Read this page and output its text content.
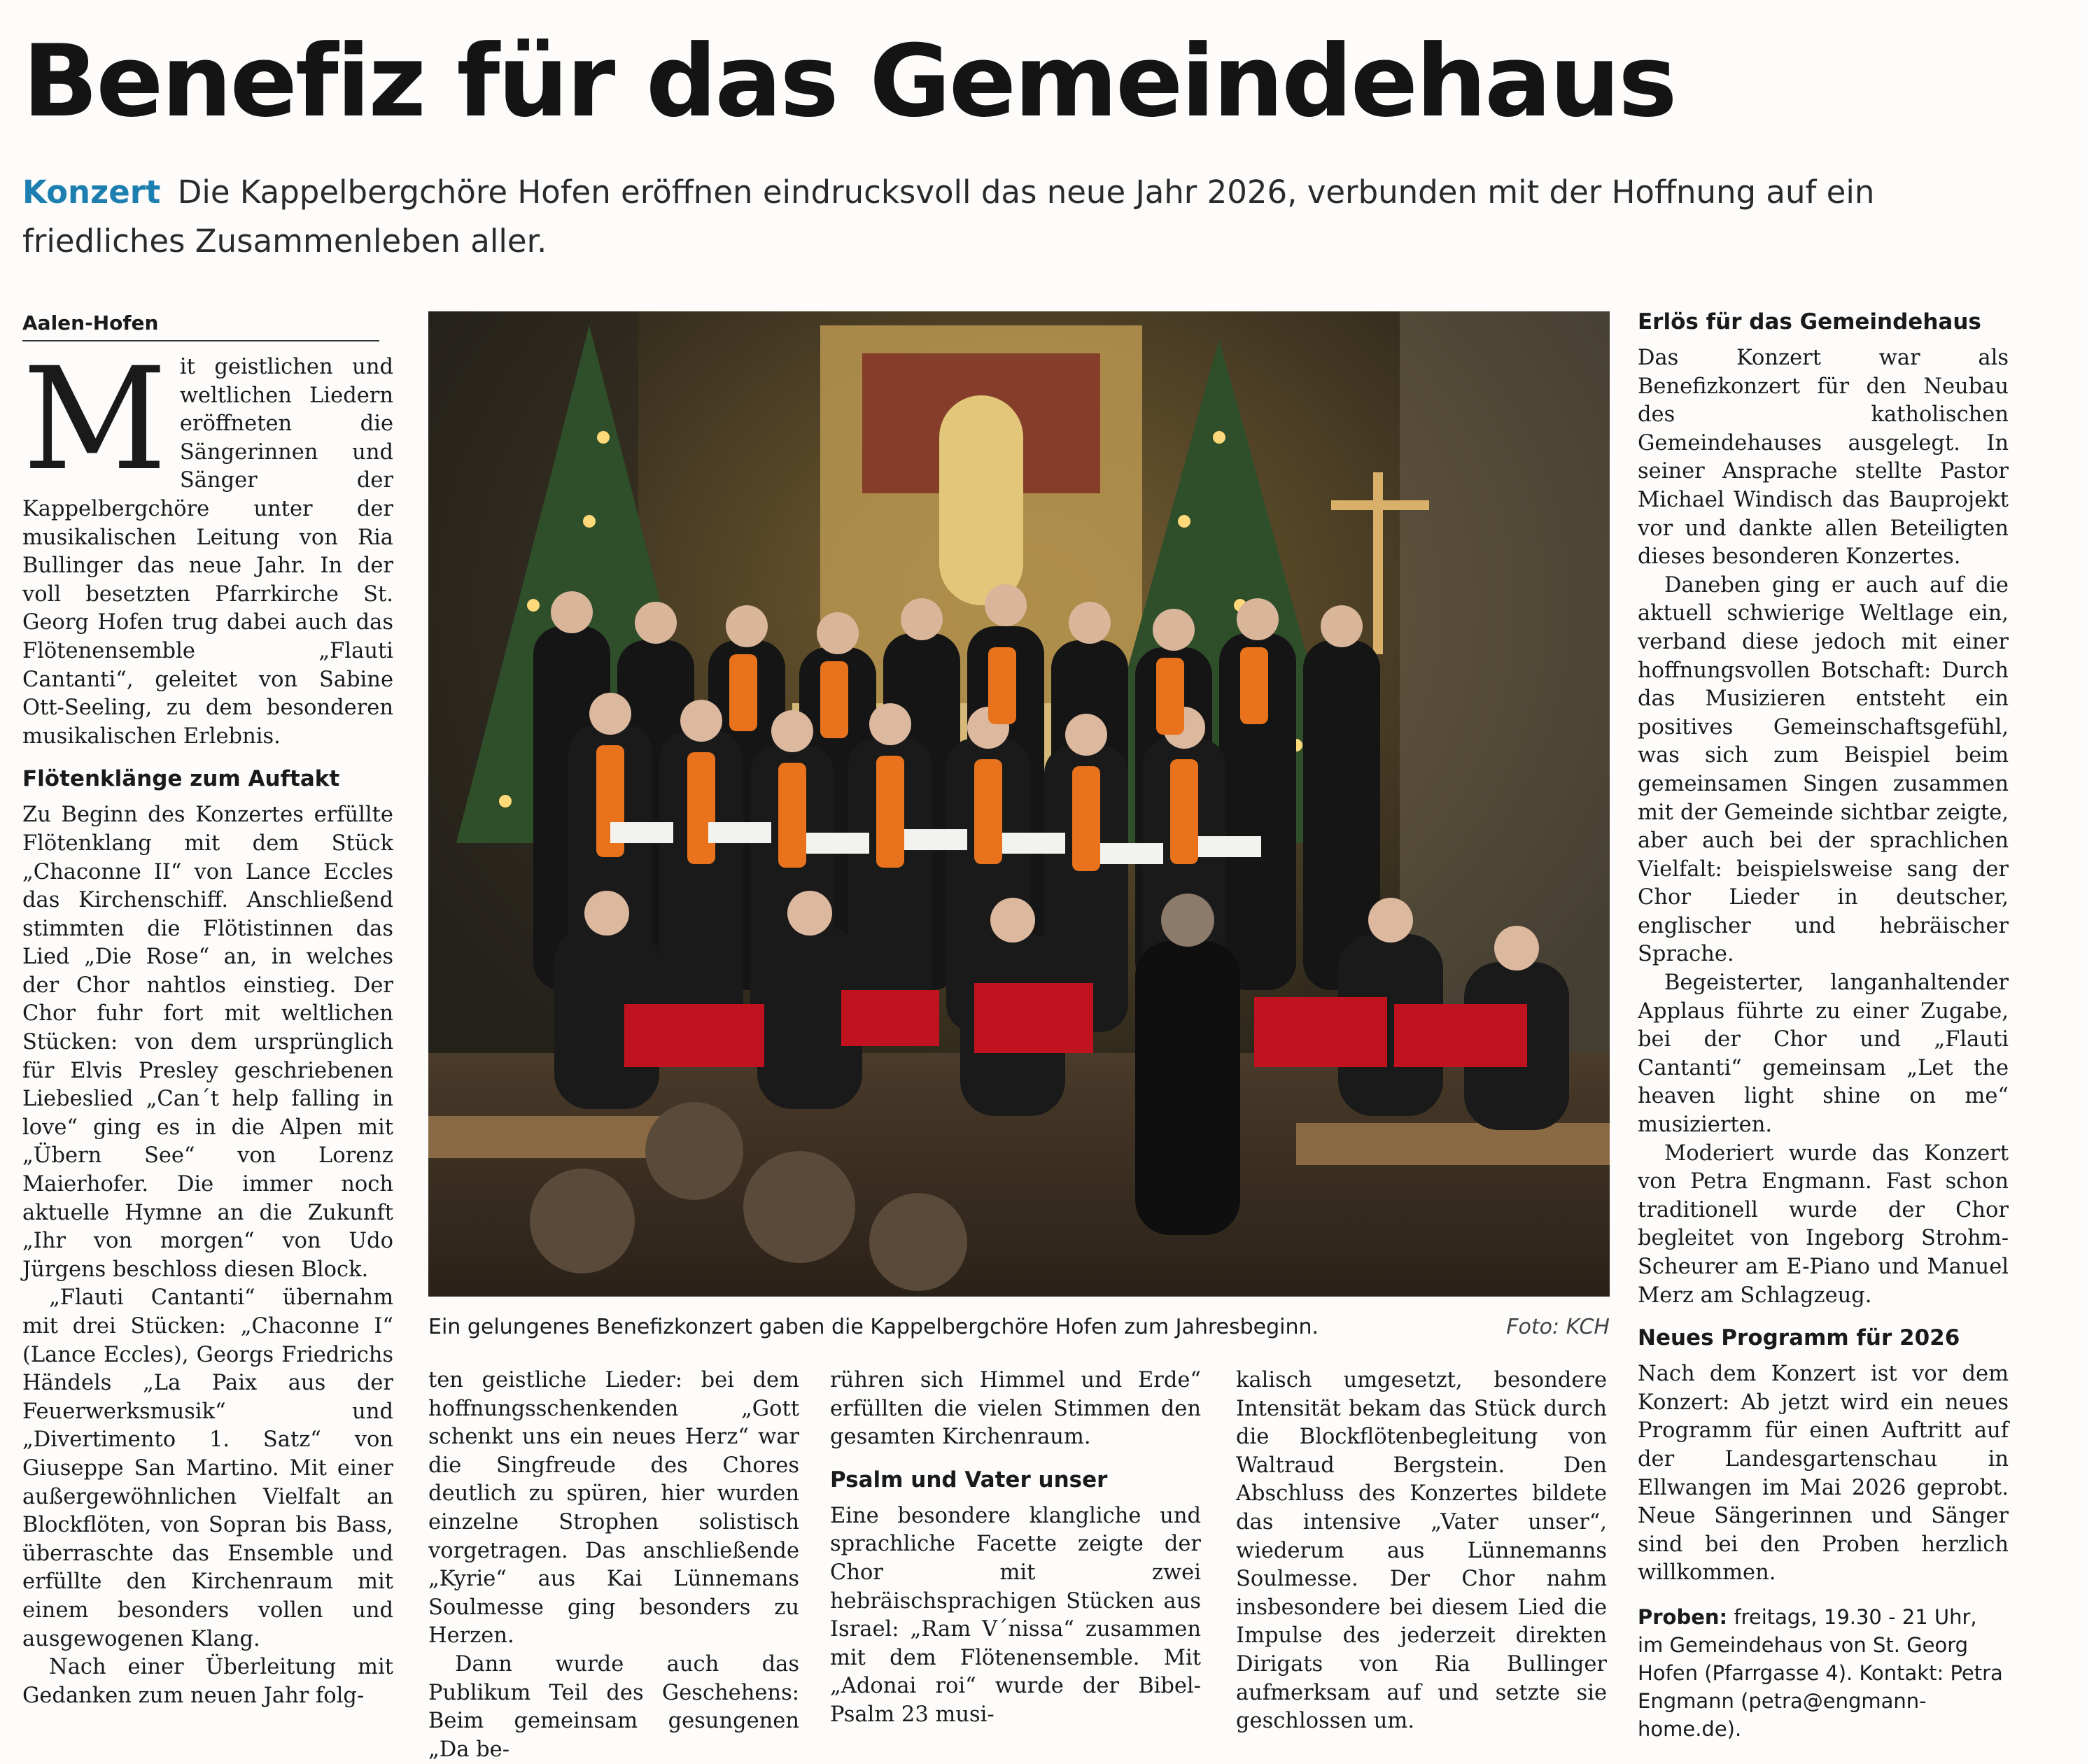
Benefiz für das Gemeindehaus

Konzert Die Kappelbergchöre Hofen eröffnen eindrucksvoll das neue Jahr 2026, verbunden mit der Hoffnung auf ein friedliches Zusammenleben aller.

Aalen-Hofen

M it geistlichen und weltlichen Liedern eröffneten die Sängerinnen und Sänger der Kappelbergchöre unter der musikalischen Leitung von Ria Bullinger das neue Jahr. In der voll besetzten Pfarrkirche St. Georg Hofen trug dabei auch das Flötenensemble „Flauti Cantanti“, geleitet von Sabine Ott-Seeling, zu dem besonderen musikalischen Erlebnis.

Flötenklänge zum Auftakt

Zu Beginn des Konzertes erfüllte Flötenklang mit dem Stück „Chaconne II“ von Lance Eccles das Kirchenschiff. Anschließend stimmten die Flötistinnen das Lied „Die Rose“ an, in welches der Chor nahtlos einstieg. Der Chor fuhr fort mit weltlichen Stücken: von dem ursprünglich für Elvis Presley geschriebenen Liebeslied „Can´t help falling in love“ ging es in die Alpen mit „Übern See“ von Lorenz Maierhofer. Die immer noch aktuelle Hymne an die Zukunft „Ihr von morgen“ von Udo Jürgens beschloss diesen Block.

„Flauti Cantanti“ übernahm mit drei Stücken: „Chaconne I“ (Lance Eccles), Georgs Friedrichs Händels „La Paix aus der Feuerwerksmusik“ und „Divertimento 1. Satz“ von Giuseppe San Martino. Mit einer außergewöhnlichen Vielfalt an Blockflöten, von Sopran bis Bass, überraschte das Ensemble und erfüllte den Kirchenraum mit einem besonders vollen und ausgewogenen Klang.

Nach einer Überleitung mit Gedanken zum neuen Jahr folg-

Ein gelungenes Benefizkonzert gaben die Kappelbergchöre Hofen zum Jahresbeginn.	Foto: KCH

ten geistliche Lieder: bei dem hoffnungsschenkenden „Gott schenkt uns ein neues Herz“ war die Singfreude des Chores deutlich zu spüren, hier wurden einzelne Strophen solistisch vorgetragen. Das anschließende „Kyrie“ aus Kai Lünnemans Soulmesse ging besonders zu Herzen.

Dann wurde auch das Publikum Teil des Geschehens: Beim gemeinsam gesungenen „Da be-

rühren sich Himmel und Erde“ erfüllten die vielen Stimmen den gesamten Kirchenraum.

Psalm und Vater unser

Eine besondere klangliche und sprachliche Facette zeigte der Chor mit zwei hebräischsprachigen Stücken aus Israel: „Ram V´nissa“ zusammen mit dem Flötenensemble. Mit „Adonai roi“ wurde der Bibel-Psalm 23 musi-

kalisch umgesetzt, besondere Intensität bekam das Stück durch die Blockflötenbegleitung von Waltraud Bergstein. Den Abschluss des Konzertes bildete das intensive „Vater unser“, wiederum aus Lünnemanns Soulmesse. Der Chor nahm insbesondere bei diesem Lied die Impulse des jederzeit direkten Dirigats von Ria Bullinger aufmerksam auf und setzte sie geschlossen um.

Erlös für das Gemeindehaus

Das Konzert war als Benefizkonzert für den Neubau des katholischen Gemeindehauses ausgelegt. In seiner Ansprache stellte Pastor Michael Windisch das Bauprojekt vor und dankte allen Beteiligten dieses besonderen Konzertes.

Daneben ging er auch auf die aktuell schwierige Weltlage ein, verband diese jedoch mit einer hoffnungsvollen Botschaft: Durch das Musizieren entsteht ein positives Gemeinschaftsgefühl, was sich zum Beispiel beim gemeinsamen Singen zusammen mit der Gemeinde sichtbar zeigte, aber auch bei der sprachlichen Vielfalt: beispielsweise sang der Chor Lieder in deutscher, englischer und hebräischer Sprache.

Begeisterter, langanhaltender Applaus führte zu einer Zugabe, bei der Chor und „Flauti Cantanti“ gemeinsam „Let the heaven light shine on me“ musizierten.

Moderiert wurde das Konzert von Petra Engmann. Fast schon traditionell wurde der Chor begleitet von Ingeborg Strohm-Scheurer am E-Piano und Manuel Merz am Schlagzeug.

Neues Programm für 2026

Nach dem Konzert ist vor dem Konzert: Ab jetzt wird ein neues Programm für einen Auftritt auf der Landesgartenschau in Ellwangen im Mai 2026 geprobt. Neue Sängerinnen und Sänger sind bei den Proben herzlich willkommen.

Proben: freitags, 19.30 - 21 Uhr, im Gemeindehaus von St. Georg Hofen (Pfarrgasse 4). Kontakt: Petra Engmann (petra@engmann-home.de).
